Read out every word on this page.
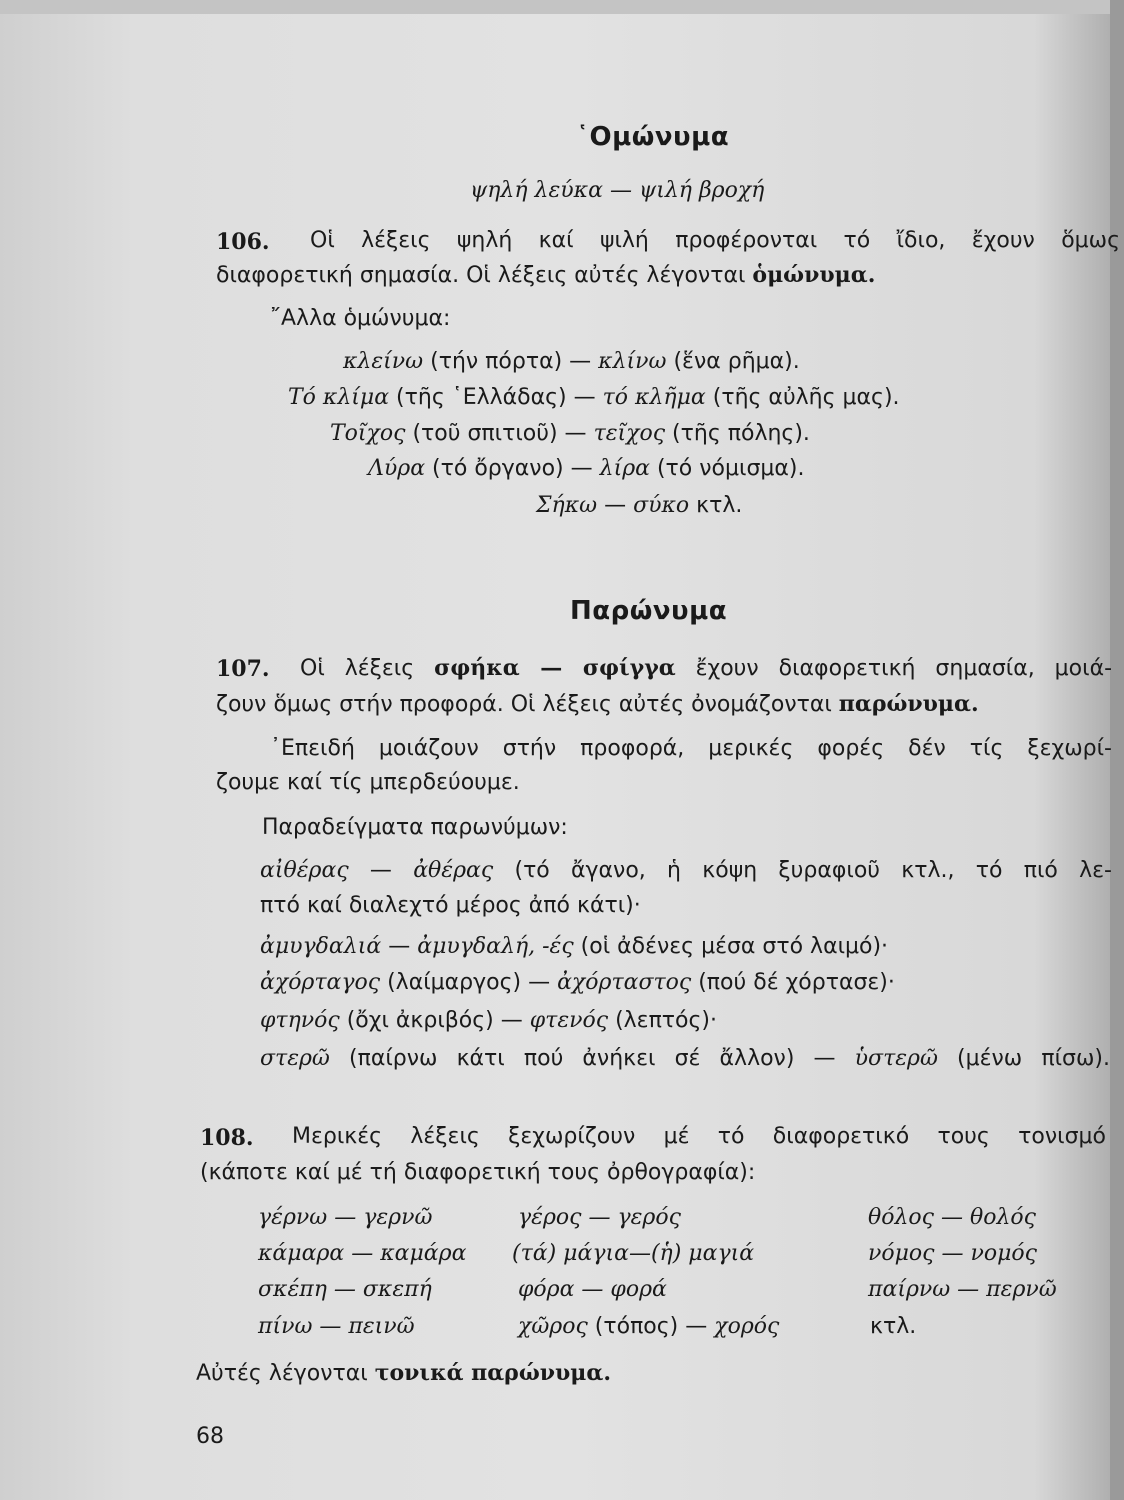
῾Ομώνυμα
ψηλή λεύκα — ψιλή βροχή
106. Οἱ λέξεις ψηλή καί ψιλή προφέρονται τό ἴδιο, ἔχουν ὅμως
διαφορετική σημασία. Οἱ λέξεις αὐτές λέγονται ὁμώνυμα.
῎Αλλα ὁμώνυμα:
κλείνω (τήν πόρτα) — κλίνω (ἕνα ρῆμα).
Τό κλίμα (τῆς ῾Ελλάδας) — τό κλῆμα (τῆς αὐλῆς μας).
Τοῖχος (τοῦ σπιτιοῦ) — τεῖχος (τῆς πόλης).
Λύρα (τό ὄργανο) — λίρα (τό νόμισμα).
Σήκω — σύκο κτλ.
Παρώνυμα
107. Οἱ λέξεις σφήκα — σφίγγα ἔχουν διαφορετική σημασία, μοιά-
ζουν ὅμως στήν προφορά. Οἱ λέξεις αὐτές ὀνομάζονται παρώνυμα.
᾿Επειδή μοιάζουν στήν προφορά, μερικές φορές δέν τίς ξεχωρί-
ζουμε καί τίς μπερδεύουμε.
Παραδείγματα παρωνύμων:
αἰθέρας — ἀθέρας (τό ἄγανο, ἡ κόψη ξυραφιοῦ κτλ., τό πιό λε-
πτό καί διαλεχτό μέρος ἀπό κάτι)·
ἀμυγδαλιά — ἀμυγδαλή, -ές (οἱ ἀδένες μέσα στό λαιμό)·
ἀχόρταγος (λαίμαργος) — ἀχόρταστος (πού δέ χόρτασε)·
φτηνός (ὄχι ἀκριβός) — φτενός (λεπτός)·
στερῶ (παίρνω κάτι πού ἀνήκει σέ ἄλλον) — ὑστερῶ (μένω πίσω).
108. Μερικές λέξεις ξεχωρίζουν μέ τό διαφορετικό τους τονισμό
(κάποτε καί μέ τή διαφορετική τους ὀρθογραφία):
γέρνω — γερνῶ
κάμαρα — καμάρα
σκέπη — σκεπή
πίνω — πεινῶ
γέρος — γερός
(τά) μάγια—(ἡ) μαγιά
φόρα — φορά
χῶρος (τόπος) — χορός
θόλος — θολός
νόμος — νομός
παίρνω — περνῶ
κτλ.
Αὐτές λέγονται τονικά παρώνυμα.
68
